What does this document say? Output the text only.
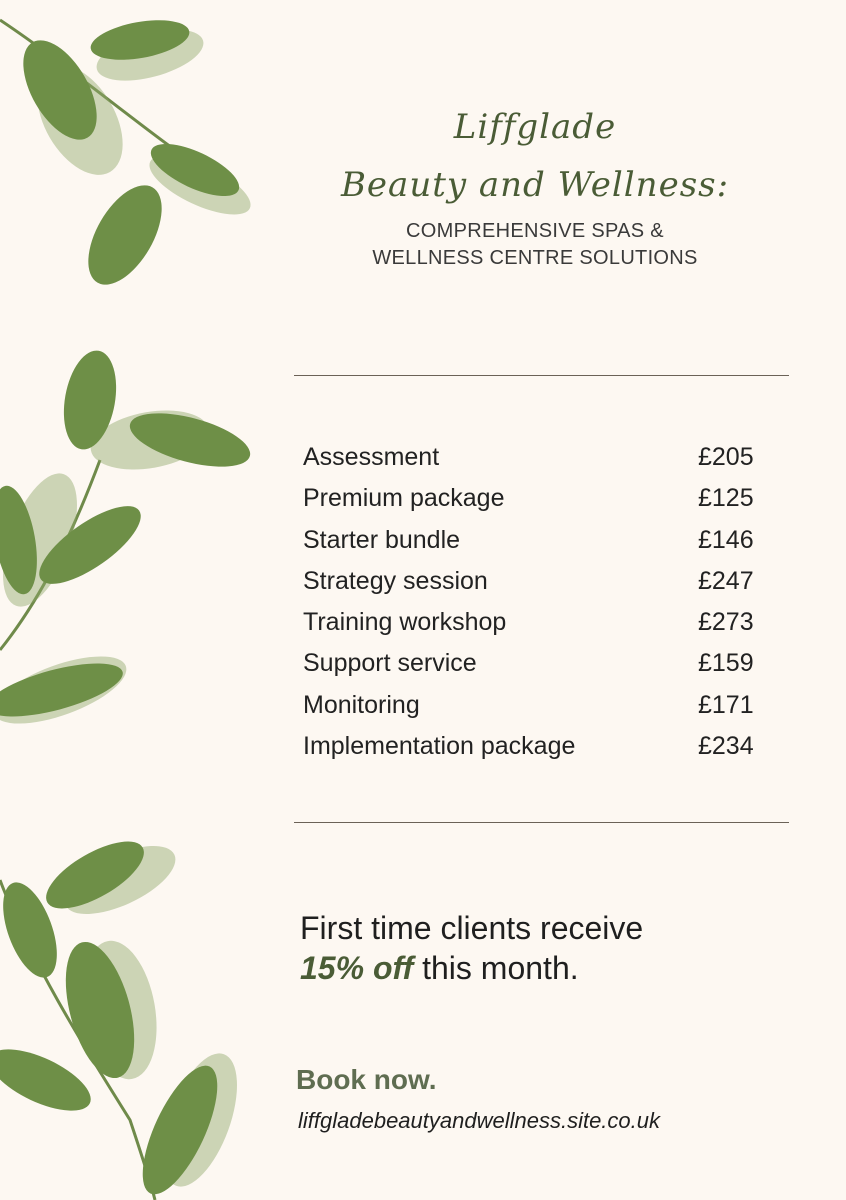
Liffglade
Beauty and Wellness:
COMPREHENSIVE SPAS &
WELLNESS CENTRE SOLUTIONS
Assessment	£205
Premium package	£125
Starter bundle	£146
Strategy session	£247
Training workshop	£273
Support service	£159
Monitoring	£171
Implementation package	£234
First time clients receive
15% off this month.
Book now.
liffgladebeautyandwellness.site.co.uk
